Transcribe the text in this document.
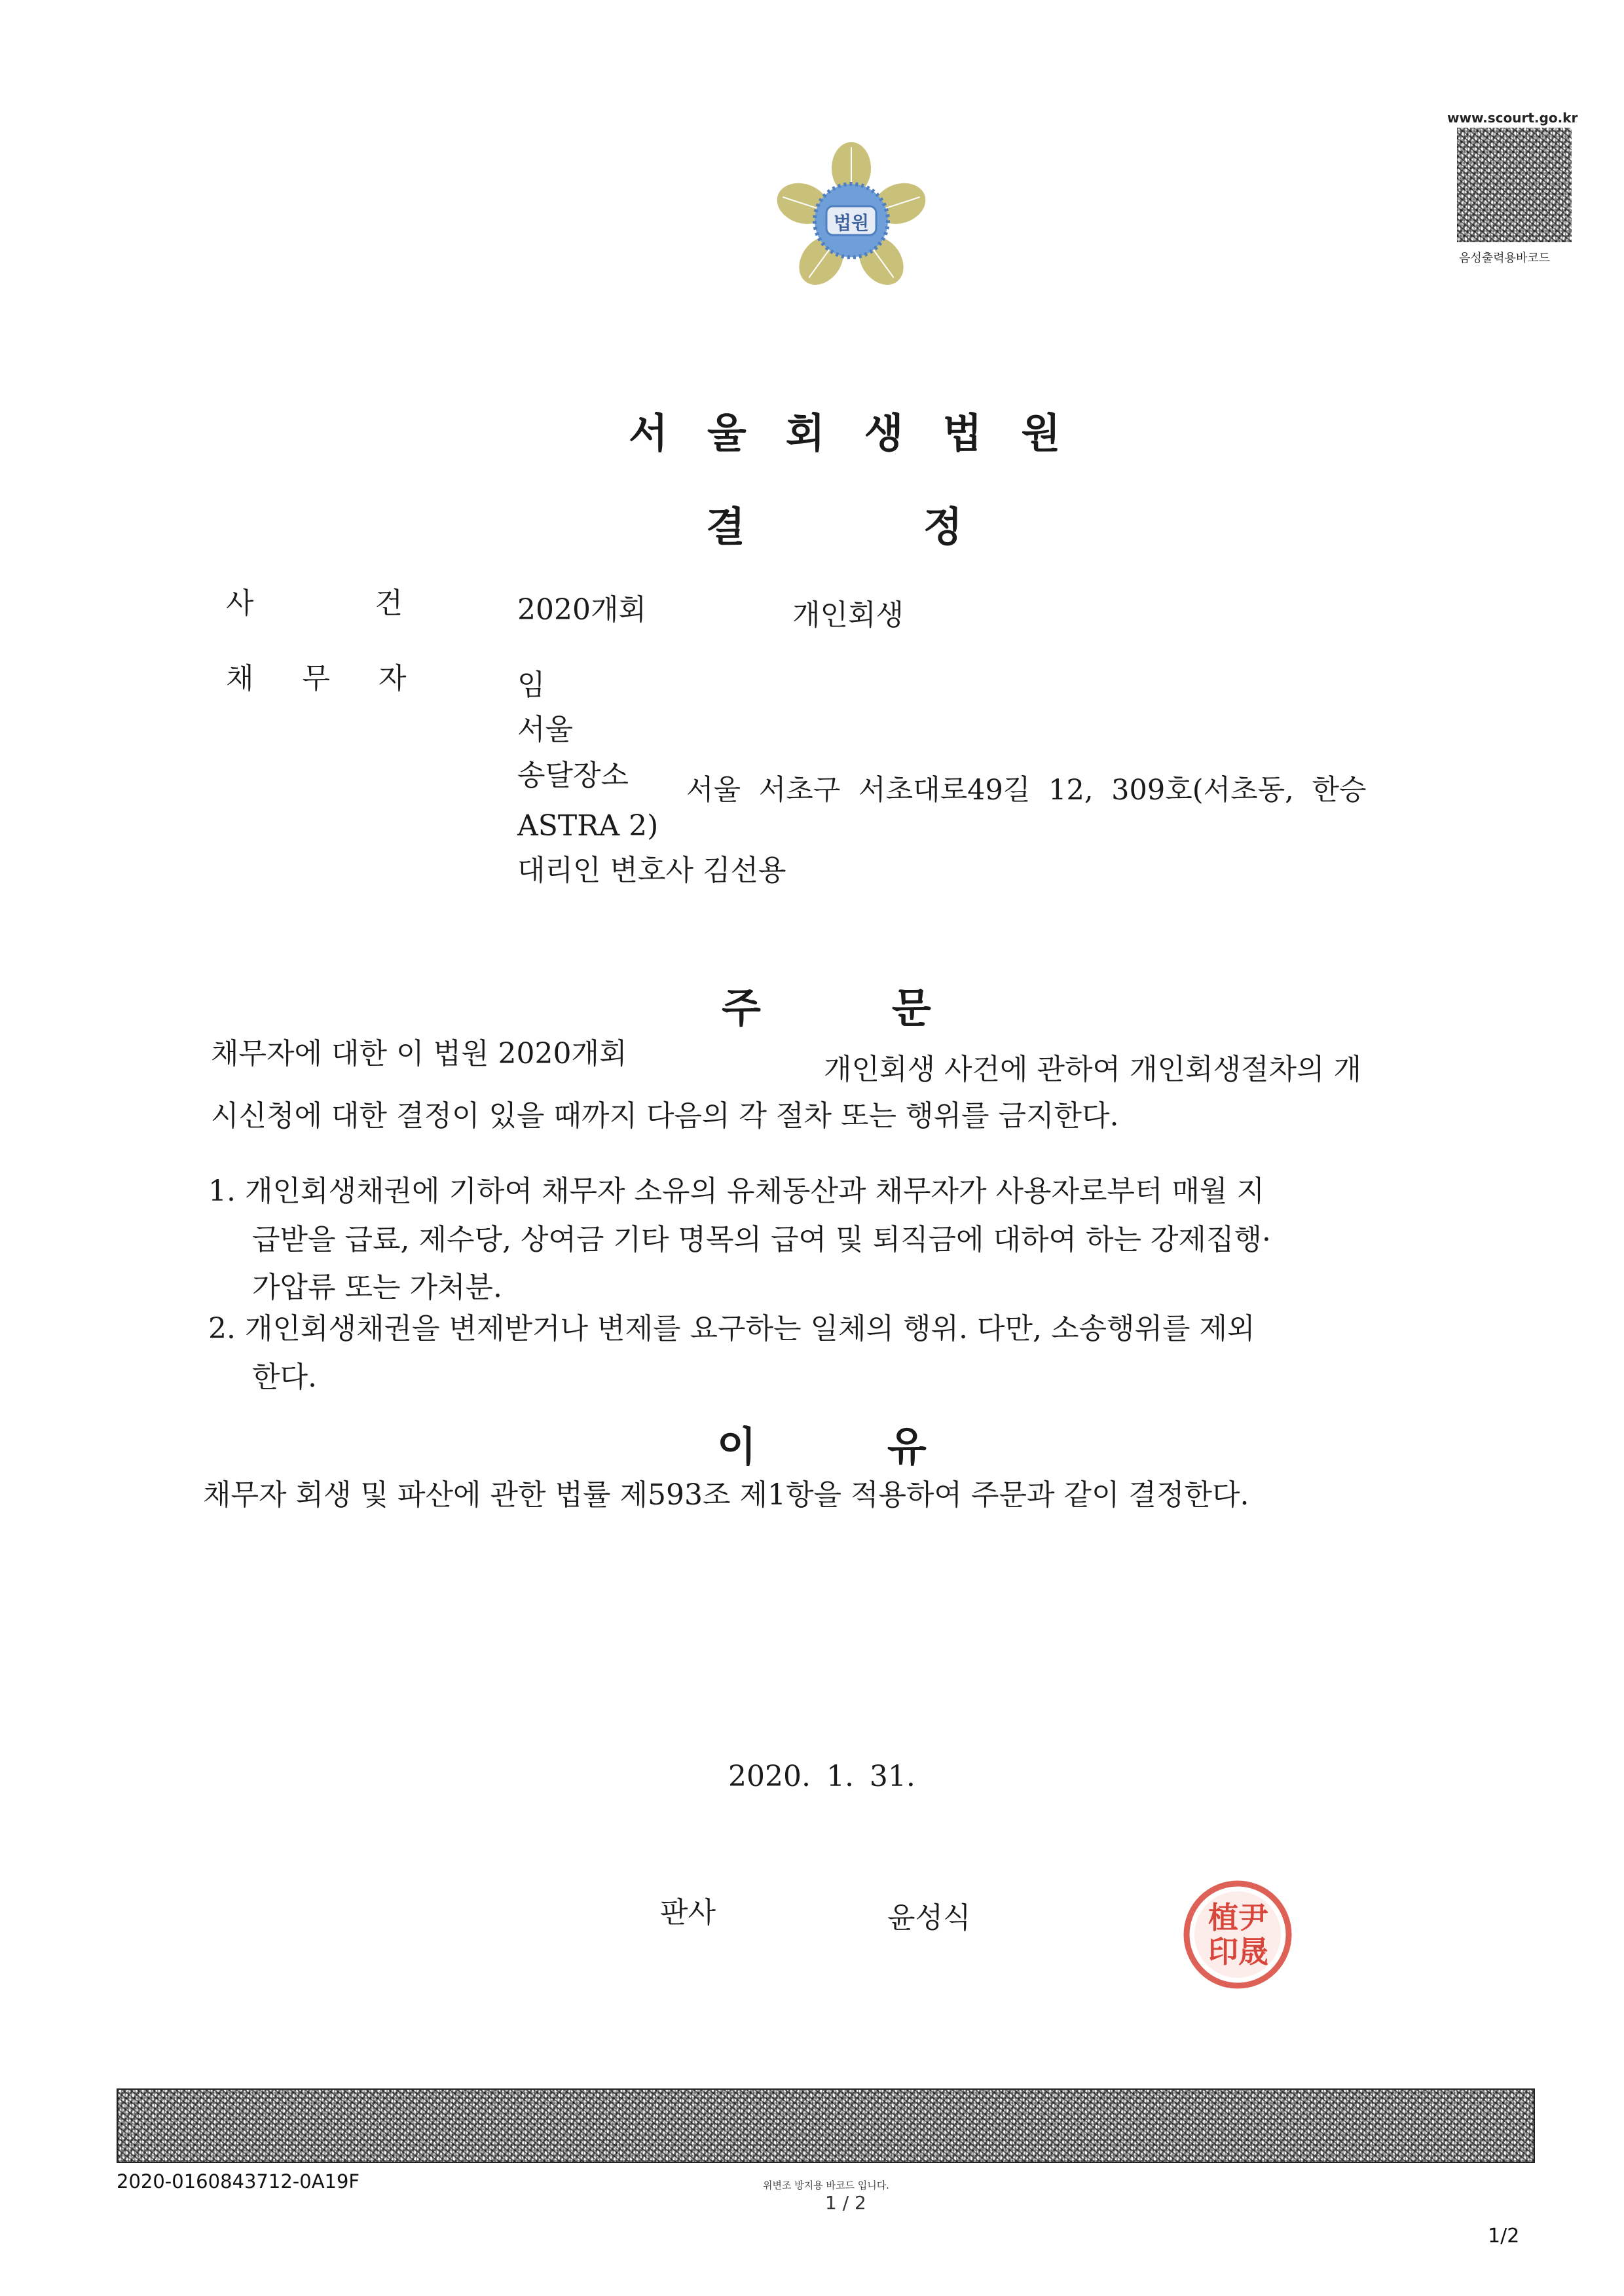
법원
www.scourt.go.kr
음성출력용바코드
서울회생법원
결정
사건
2020개회	개인회생
채무자 임
서울
송달장소 서울 서초구 서초대로49길 12, 309호(서초동, 한승
ASTRA 2)
대리인 변호사 김선용
주문
채무자에 대한 이 법원 2020개회	개인회생 사건에 관하여 개인회생절차의 개
시신청에 대한 결정이 있을 때까지 다음의 각 절차 또는 행위를 금지한다.
1. 개인회생채권에 기하여 채무자 소유의 유체동산과 채무자가 사용자로부터 매월 지
급받을 급료, 제수당, 상여금 기타 명목의 급여 및 퇴직금에 대하여 하는 강제집행·
가압류 또는 가처분.
2. 개인회생채권을 변제받거나 변제를 요구하는 일체의 행위. 다만, 소송행위를 제외
한다.
이유
채무자 회생 및 파산에 관한 법률 제593조 제1항을 적용하여 주문과 같이 결정한다.
2020. 1. 31.
판사	윤성식	植尹印晟
2020-0160843712-0A19F	위변조 방지용 바코드 입니다.
1 / 2
1/2
